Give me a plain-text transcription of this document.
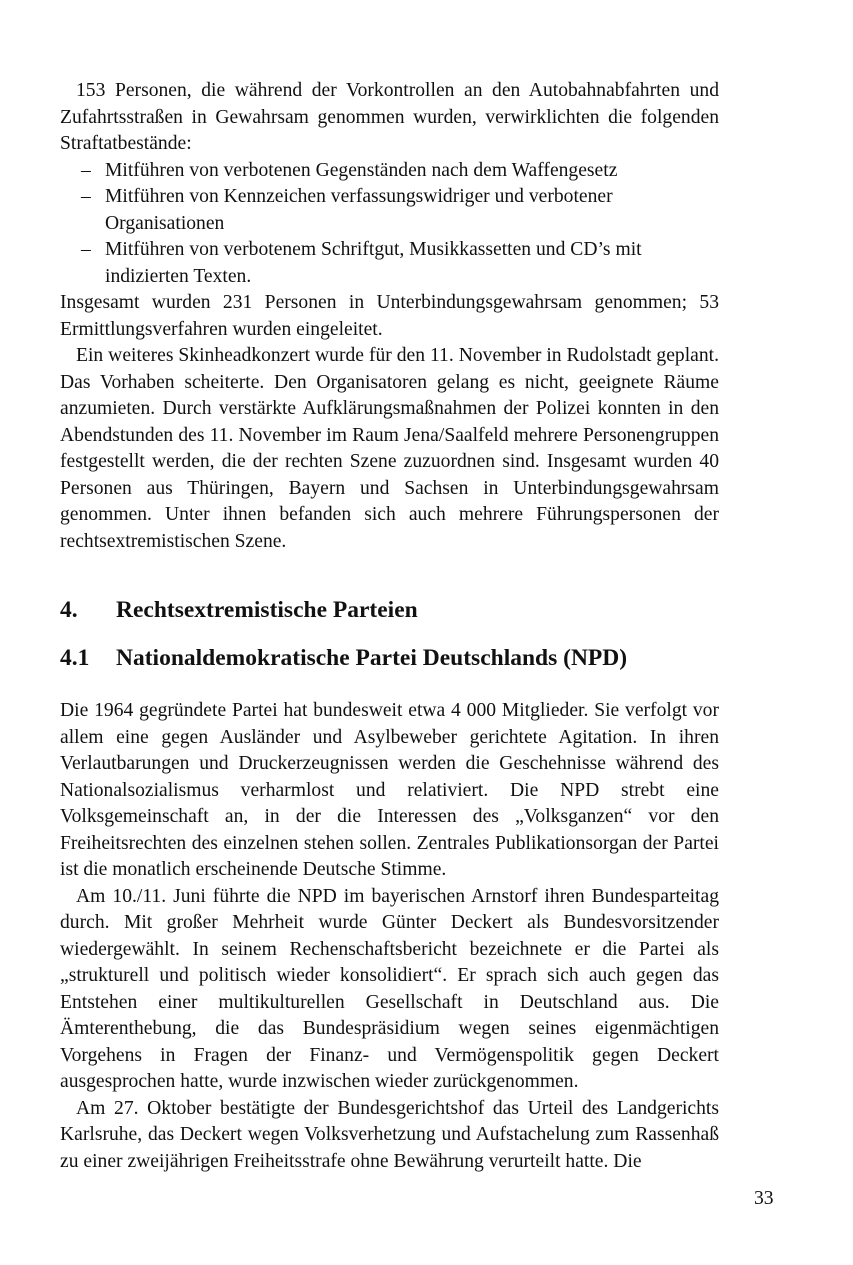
153 Personen, die während der Vorkontrollen an den Autobahnabfahrten und Zufahrtsstraßen in Gewahrsam genommen wurden, verwirklichten die folgenden Straftatbestände:

– Mitführen von verbotenen Gegenständen nach dem Waffengesetz
– Mitführen von Kennzeichen verfassungswidriger und verbotener Organisationen
– Mitführen von verbotenem Schriftgut, Musikkassetten und CD’s mit indizierten Texten.

Insgesamt wurden 231 Personen in Unterbindungsgewahrsam genommen; 53 Ermittlungsverfahren wurden eingeleitet.

Ein weiteres Skinheadkonzert wurde für den 11. November in Rudolstadt geplant. Das Vorhaben scheiterte. Den Organisatoren gelang es nicht, geeignete Räume anzumieten. Durch verstärkte Aufklärungsmaßnahmen der Polizei konnten in den Abendstunden des 11. November im Raum Jena/Saalfeld mehrere Personengruppen festgestellt werden, die der rechten Szene zuzuordnen sind. Insgesamt wurden 40 Personen aus Thüringen, Bayern und Sachsen in Unterbindungsgewahrsam genommen. Unter ihnen befanden sich auch mehrere Führungspersonen der rechtsextremistischen Szene.

4.	Rechtsextremistische Parteien
4.1	Nationaldemokratische Partei Deutschlands (NPD)

Die 1964 gegründete Partei hat bundesweit etwa 4 000 Mitglieder. Sie verfolgt vor allem eine gegen Ausländer und Asylbeweber gerichtete Agitation. In ihren Verlautbarungen und Druckerzeugnissen werden die Geschehnisse während des Nationalsozialismus verharmlost und relativiert. Die NPD strebt eine Volksgemeinschaft an, in der die Interessen des „Volksganzen“ vor den Freiheitsrechten des einzelnen stehen sollen. Zentrales Publikationsorgan der Partei ist die monatlich erscheinende Deutsche Stimme.

Am 10./11. Juni führte die NPD im bayerischen Arnstorf ihren Bundesparteitag durch. Mit großer Mehrheit wurde Günter Deckert als Bundesvorsitzender wiedergewählt. In seinem Rechenschaftsbericht bezeichnete er die Partei als „strukturell und politisch wieder konsolidiert“. Er sprach sich auch gegen das Entstehen einer multikulturellen Gesellschaft in Deutschland aus. Die Ämterenthebung, die das Bundespräsidium wegen seines eigenmächtigen Vorgehens in Fragen der Finanz- und Vermögenspolitik gegen Deckert ausgesprochen hatte, wurde inzwischen wieder zurückgenommen.

Am 27. Oktober bestätigte der Bundesgerichtshof das Urteil des Landgerichts Karlsruhe, das Deckert wegen Volksverhetzung und Aufstachelung zum Rassenhaß zu einer zweijährigen Freiheitsstrafe ohne Bewährung verurteilt hatte. Die

33
